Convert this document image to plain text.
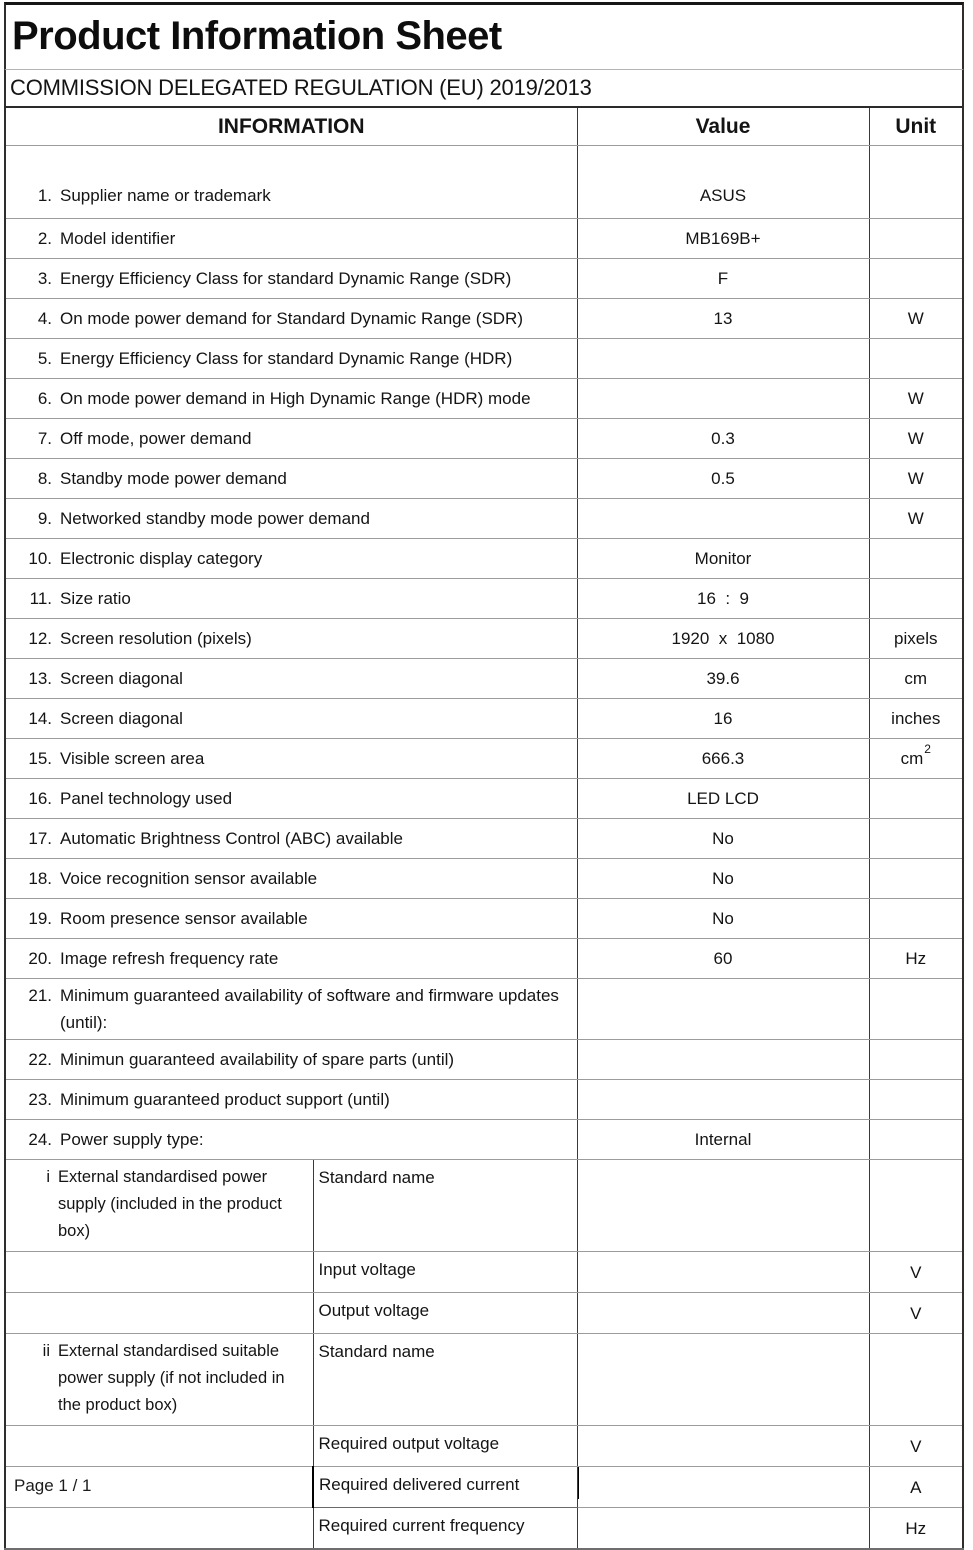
Product Information Sheet
COMMISSION DELEGATED REGULATION (EU) 2019/2013
INFORMATION		Value	Unit
1. Supplier name or trademark		ASUS	
2. Model identifier		MB169B+	
3. Energy Efficiency Class for standard Dynamic Range (SDR)		F	
4. On mode power demand for Standard Dynamic Range (SDR)		13	W
5. Energy Efficiency Class for standard Dynamic Range (HDR)			
6. On mode power demand in High Dynamic Range (HDR) mode			W
7. Off mode, power demand		0.3	W
8. Standby mode power demand		0.5	W
9. Networked standby mode power demand			W
10. Electronic display category		Monitor	
11. Size ratio		16  :  9	
12. Screen resolution (pixels)		1920  x  1080	pixels
13. Screen diagonal		39.6	cm
14. Screen diagonal		16	inches
15. Visible screen area		666.3	$cm^2$
16. Panel technology used		LED LCD	
17. Automatic Brightness Control (ABC) available		No	
18. Voice recognition sensor available		No	
19. Room presence sensor available		No	
20. Image refresh frequency rate		60	Hz
21. Minimum guaranteed availability of software and firmware updates (until):			
22. Minimun guaranteed availability of spare parts (until)			
23. Minimum guaranteed product support (until)			
24. Power supply type:		Internal	
i External standardised power supply (included in the product box)	Standard name		
	Input voltage		V
	Output voltage		V
ii External standardised suitable power supply (if not included in the product box)	Standard name		
	Required output voltage		V
	Required delivered current		A
	Required current frequency		Hz
Page 1 / 1
